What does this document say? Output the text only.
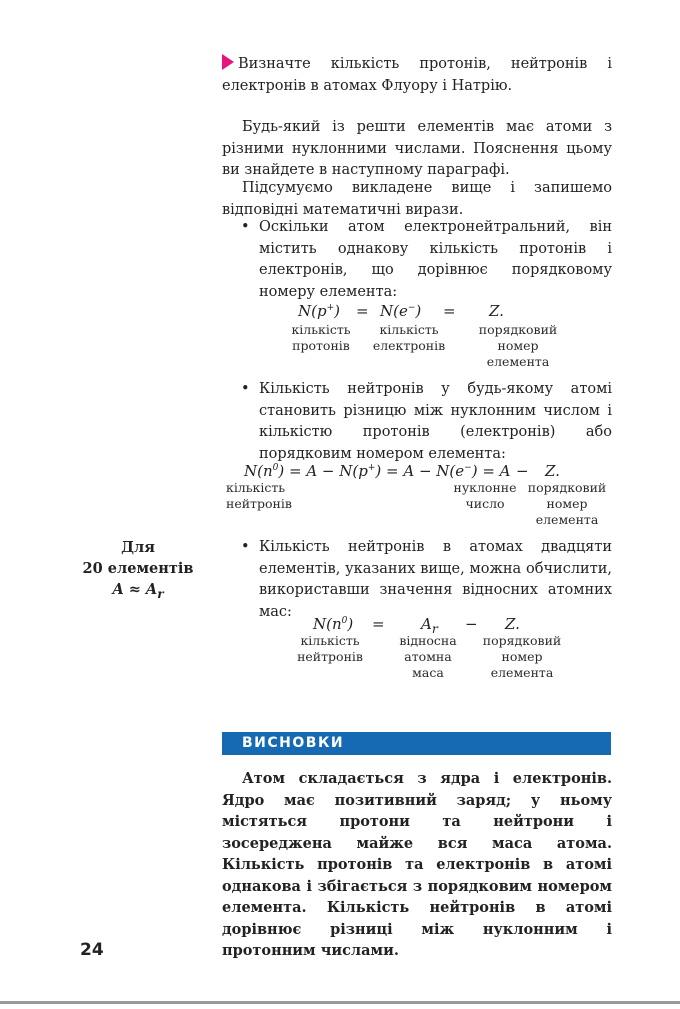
Визначте кількість протонів, нейтронів і електронів в атомах Флуору і Натрію.
Будь-який із решти елементів має атоми з різними нуклонними числами. Пояснення цьому ви знайдете в наступному параграфі.
Підсумуємо викладене вище і запишемо відповідні математичні вирази.
• Оскільки атом електронейтральний, він містить однакову кількість протонів і електронів, що дорівнює порядковому номеру елемента:
N(p+) = N(e−) = Z.
кількість протонів
кількість електронів
порядковий номер елемента
• Кількість нейтронів у будь-якому атомі становить різницю між нуклонним числом і кількістю протонів (електронів) або порядковим номером елемента:
$N(n^0) = A - N(p^+) = A - N(e^-) = A - Z$.
кількість нейтронів
нуклонне число
порядковий номер елемента
Для
20 елементів
$A \approx A_r$
• Кількість нейтронів в атомах двадцяти елементів, указаних вище, можна обчислити, використавши значення відносних атомних мас:
$N(n^0) = A_r - Z$.
кількість нейтронів
відносна атомна маса
порядковий номер елемента
ВИСНОВКИ
Атом складається з ядра і електронів. Ядро має позитивний заряд; у ньому містяться протони та нейтрони і зосереджена майже вся маса атома. Кількість протонів та електронів в атомі однакова і збігається з порядковим номером елемента. Кількість нейтронів в атомі дорівнює різниці між нуклонним і протонним числами.
24
